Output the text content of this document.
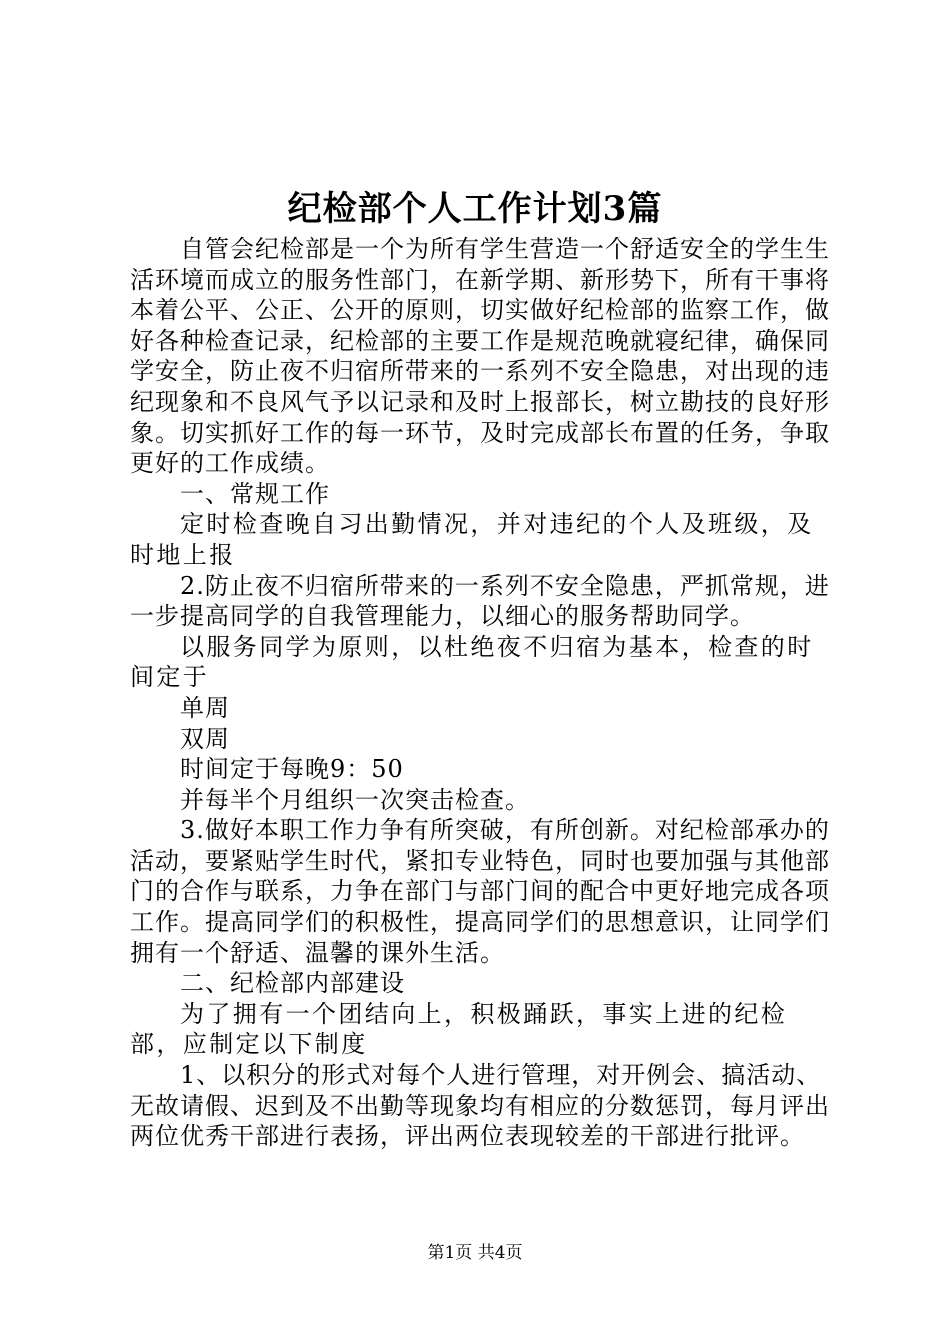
纪检部个人工作计划3篇

自管会纪检部是一个为所有学生营造一个舒适安全的学生生活环境而成立的服务性部门，在新学期、新形势下，所有干事将本着公平、公正、公开的原则，切实做好纪检部的监察工作，做好各种检查记录，纪检部的主要工作是规范晚就寝纪律，确保同学安全，防止夜不归宿所带来的一系列不安全隐患，对出现的违纪现象和不良风气予以记录和及时上报部长，树立勘技的良好形象。切实抓好工作的每一环节，及时完成部长布置的任务，争取更好的工作成绩。

一、常规工作

定时检查晚自习出勤情况，并对违纪的个人及班级，及时地上报

2.防止夜不归宿所带来的一系列不安全隐患，严抓常规，进一步提高同学的自我管理能力，以细心的服务帮助同学。

以服务同学为原则，以杜绝夜不归宿为基本，检查的时间定于

单周

双周

时间定于每晚9：50

并每半个月组织一次突击检查。

3.做好本职工作力争有所突破，有所创新。对纪检部承办的活动，要紧贴学生时代，紧扣专业特色，同时也要加强与其他部门的合作与联系，力争在部门与部门间的配合中更好地完成各项工作。提高同学们的积极性，提高同学们的思想意识，让同学们拥有一个舒适、温馨的课外生活。

二、纪检部内部建设

为了拥有一个团结向上，积极踊跃，事实上进的纪检部，应制定以下制度

1、以积分的形式对每个人进行管理，对开例会、搞活动、无故请假、迟到及不出勤等现象均有相应的分数惩罚，每月评出两位优秀干部进行表扬，评出两位表现较差的干部进行批评。

第1页 共4页
